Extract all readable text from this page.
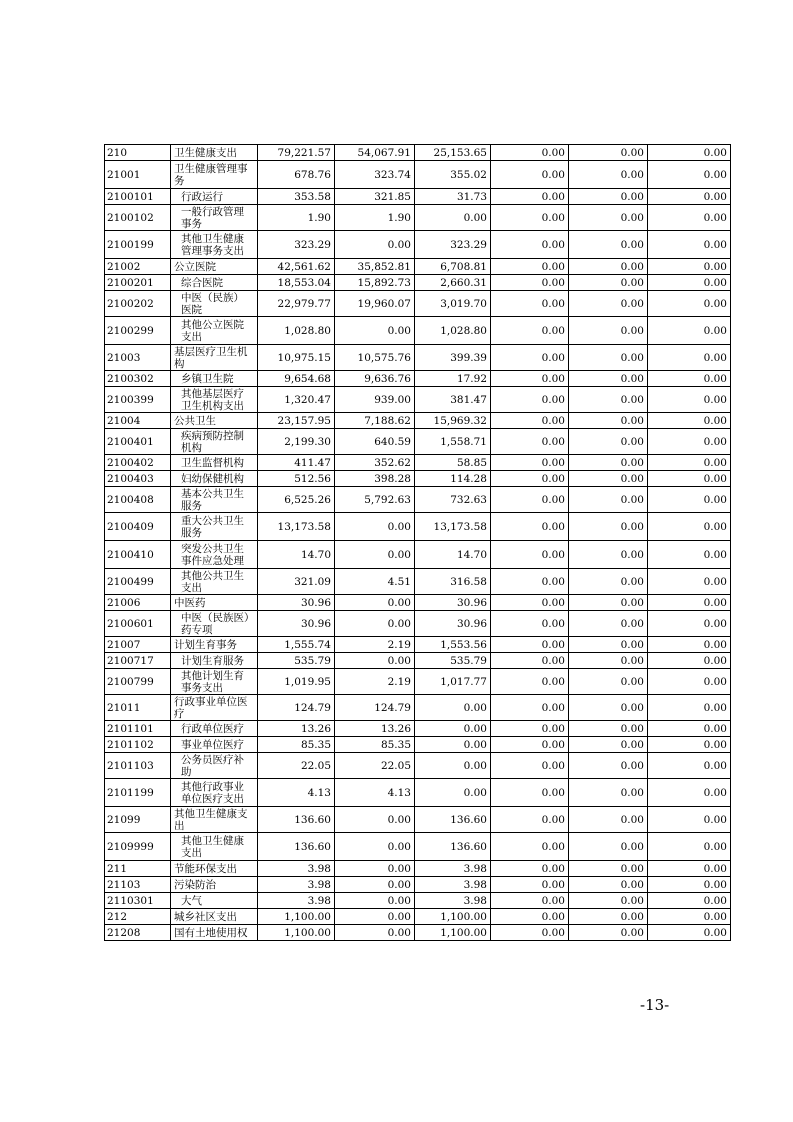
210	卫生健康支出	79,221.57	54,067.91	25,153.65	0.00	0.00	0.00
21001	卫生健康管理事务	678.76	323.74	355.02	0.00	0.00	0.00
2100101	行政运行	353.58	321.85	31.73	0.00	0.00	0.00
2100102	一般行政管理事务	1.90	1.90	0.00	0.00	0.00	0.00
2100199	其他卫生健康管理事务支出	323.29	0.00	323.29	0.00	0.00	0.00
21002	公立医院	42,561.62	35,852.81	6,708.81	0.00	0.00	0.00
2100201	综合医院	18,553.04	15,892.73	2,660.31	0.00	0.00	0.00
2100202	中医（民族）医院	22,979.77	19,960.07	3,019.70	0.00	0.00	0.00
2100299	其他公立医院支出	1,028.80	0.00	1,028.80	0.00	0.00	0.00
21003	基层医疗卫生机构	10,975.15	10,575.76	399.39	0.00	0.00	0.00
2100302	乡镇卫生院	9,654.68	9,636.76	17.92	0.00	0.00	0.00
2100399	其他基层医疗卫生机构支出	1,320.47	939.00	381.47	0.00	0.00	0.00
21004	公共卫生	23,157.95	7,188.62	15,969.32	0.00	0.00	0.00
2100401	疾病预防控制机构	2,199.30	640.59	1,558.71	0.00	0.00	0.00
2100402	卫生监督机构	411.47	352.62	58.85	0.00	0.00	0.00
2100403	妇幼保健机构	512.56	398.28	114.28	0.00	0.00	0.00
2100408	基本公共卫生服务	6,525.26	5,792.63	732.63	0.00	0.00	0.00
2100409	重大公共卫生服务	13,173.58	0.00	13,173.58	0.00	0.00	0.00
2100410	突发公共卫生事件应急处理	14.70	0.00	14.70	0.00	0.00	0.00
2100499	其他公共卫生支出	321.09	4.51	316.58	0.00	0.00	0.00
21006	中医药	30.96	0.00	30.96	0.00	0.00	0.00
2100601	中医（民族医）药专项	30.96	0.00	30.96	0.00	0.00	0.00
21007	计划生育事务	1,555.74	2.19	1,553.56	0.00	0.00	0.00
2100717	计划生育服务	535.79	0.00	535.79	0.00	0.00	0.00
2100799	其他计划生育事务支出	1,019.95	2.19	1,017.77	0.00	0.00	0.00
21011	行政事业单位医疗	124.79	124.79	0.00	0.00	0.00	0.00
2101101	行政单位医疗	13.26	13.26	0.00	0.00	0.00	0.00
2101102	事业单位医疗	85.35	85.35	0.00	0.00	0.00	0.00
2101103	公务员医疗补助	22.05	22.05	0.00	0.00	0.00	0.00
2101199	其他行政事业单位医疗支出	4.13	4.13	0.00	0.00	0.00	0.00
21099	其他卫生健康支出	136.60	0.00	136.60	0.00	0.00	0.00
2109999	其他卫生健康支出	136.60	0.00	136.60	0.00	0.00	0.00
211	节能环保支出	3.98	0.00	3.98	0.00	0.00	0.00
21103	污染防治	3.98	0.00	3.98	0.00	0.00	0.00
2110301	大气	3.98	0.00	3.98	0.00	0.00	0.00
212	城乡社区支出	1,100.00	0.00	1,100.00	0.00	0.00	0.00
21208	国有土地使用权	1,100.00	0.00	1,100.00	0.00	0.00	0.00
-13-
